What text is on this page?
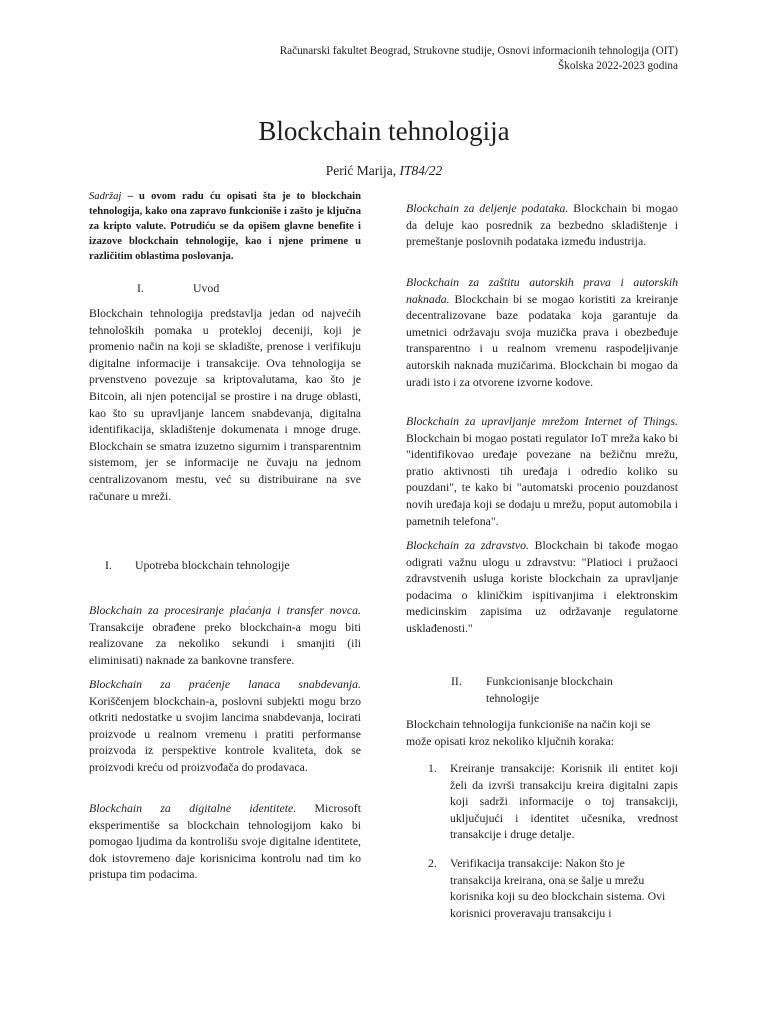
Računarski fakultet Beograd, Strukovne studije, Osnovi informacionih tehnologija (OIT)
Školska 2022-2023 godina
Blockchain tehnologija
Perić Marija, IT84/22
Sadržaj – u ovom radu ću opisati šta je to blockchain tehnologija, kako ona zapravo funkcioniše i zašto je ključna za kripto valute. Potrudiću se da opišem glavne benefite i izazove blockchain tehnologije, kao i njene primene u različitim oblastima poslovanja.
I.	Uvod
Blockchain tehnologija predstavlja jedan od najvećih tehnoloških pomaka u proteklој deceniji, koji je promenio način na koji se skladište, prenose i verifikuju digitalne informacije i transakcije. Ova tehnologija se prvenstveno povezuje sa kriptovalutama, kao što je Bitcoin, ali njen potencijal se prostire i na druge oblasti, kao što su upravljanje lancem snabdevanja, digitalna identifikacija, skladištenje dokumenata i mnoge druge. Blockchain se smatra izuzetno sigurnim i transparentnim sistemom, jer se informacije ne čuvaju na jednom centralizovanom mestu, već su distribuirane na sve računare u mreži.
I. Upotreba blockchain tehnologije
Blockchain za procesiranje plaćanja i transfer novca. Transakcije obrađene preko blockchain-a mogu biti realizovane za nekoliko sekundi i smanjiti (ili eliminisati) naknade za bankovne transfere.
Blockchain za praćenje lanaca snabdevanja. Koriščenjem blockchain-a, poslovni subjekti mogu brzo otkriti nedostatke u svojim lancima snabdevanja, locirati proizvode u realnom vremenu i pratiti performanse proizvoda iz perspektive kontrole kvaliteta, dok se proizvodi kreću od proizvođača do prodavaca.
Blockchain za digitalne identitete. Microsoft eksperimentiše sa blockchain tehnologijom kako bi pomogao ljudima da kontrolišu svoje digitalne identitete, dok istovremeno daje korisnicima kontrolu nad tim ko pristupa tim podacima.
Blockchain za deljenje podataka. Blockchain bi mogao da deluje kao posrednik za bezbedno skladištenje i premeštanje poslovnih podataka između industrija.
Blockchain za zaštitu autorskih prava i autorskih naknada. Blockchain bi se mogao koristiti za kreiranje decentralizovane baze podataka koja garantuje da umetnici održavaju svoja muzička prava i obezbeđuje transparentno i u realnom vremenu raspodeljivanje autorskih naknada muzičarima. Blockchain bi mogao da uradi isto i za otvorene izvorne kodove.
Blockchain za upravljanje mrežom Internet of Things. Blockchain bi mogao postati regulator IoT mreža kako bi "identifikovao uređaje povezane na bežičnu mrežu, pratio aktivnosti tih uređaja i odredio koliko su pouzdani", te kako bi "automatski procenio pouzdanost novih uređaja koji se dodaju u mrežu, poput automobila i pametnih telefona".
Blockchain za zdravstvo. Blockchain bi takođe mogao odigrati važnu ulogu u zdravstvu: "Platioci i pružaoci zdravstvenih usluga koriste blockchain za upravljanje podacima o kliničkim ispitivanjima i elektronskim medicinskim zapisima uz održavanje regulatorne usklađenosti."
II. Funkcionisanje blockchain tehnologije
Blockchain tehnologija funkcioniše na način koji se može opisati kroz nekoliko ključnih koraka:
1. Kreiranje transakcije: Korisnik ili entitet koji želi da izvrši transakciju kreira digitalni zapis koji sadrži informacije o toj transakciji, uključujući i identitet učesnika, vrednost transakcije i druge detalje.
2. Verifikacija transakcije: Nakon što je transakcija kreirana, ona se šalje u mrežu korisnika koji su deo blockchain sistema. Ovi korisnici proveravaju transakciju i
